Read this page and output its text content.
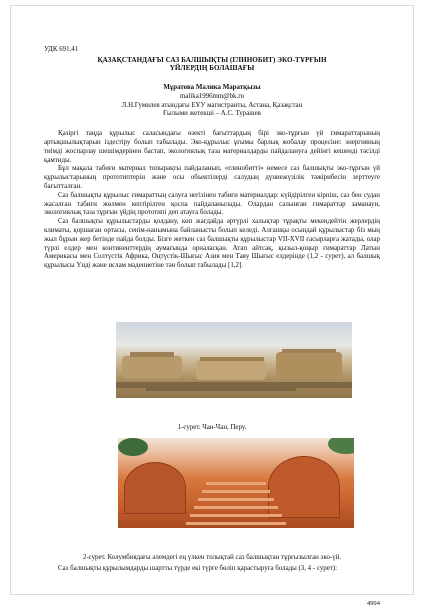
УДК 691.41

ҚАЗАҚСТАНДАҒЫ САЗ БАЛШЫҚТЫ (ГЛИНОБИТ) ЭКО-ТҰРҒЫН

ҮЙЛЕРДІҢ БОЛАШАҒЫ

Мұратова Малика Маратқызы

malika1996mm@bk.ru

Л.Н.Гумилев атындағы ЕҰУ магистранты, Астана, Қазақстан

Ғылыми жетекші – А.С. Турашев

Қазіргі таңда құрылыс саласындағы өзекті бағыттардың бірі эко-тұрғын үй ғимараттарының артықшылықтарын іздестіру болып табылады. Эко-құрылыс ұғымы барлық жобалау процесіне: энергияның тиімді жоспарлау шешімдерінен бастап, экологиялық таза материалдарды пайдалануға дейінгі кешенді тәсілді қамтиды.

Бұл мақала табиғи материал топырақты пайдаланып, «глинобитті» немесе саз балшықты эко-тұрғын үй құрылыстарының прототиптерін және осы объектілерді салудың дүниежүзілік тәжірибесін зерттеуге бағытталған.

Саз балшықты құрылыс ғимараттың салуға негізінен табиғи материалдар: күйдірілген кірпіш, саз бен судан жасалған табиғи жөлмен кептірілген қоспа пайдаланылады. Олардан салынған ғимараттар заманауи, экологиялық таза тұрғын үйдің прототипі деп атауға болады.

Саз балшықты құрылыстарды қолдану, көп жағдайда әртүрлі халықтар тұрақты мекендейтін жерлердің климаты, қоршаған ортасы, сенім-нанымына байланысты болып келеді. Алғашқы осындай құрылыстар біз мың жыл бұрын жер бетінде пайда болды. Бізге жеткен саз балшықты құрылыстар VII-XVII ғасырларға жатады, олар түрлі елдер мен континенттердің аумағында орналасқан. Атап айтсақ, қызыл-қоңыр ғимараттар Латын Америкасы мен Солтүстік Африка, Оңтүстік-Шығыс Азия мен Таяу Шығыс елдерінде (1,2 - сурет), ал балшық құрылысы Үнді және ислам мәдениетіне тән болып табылады [1,2].

1-сурет. Чан-Чан, Перу.

2-сурет. Колумбиядағы әлемдегі ең үлкен толықтай саз балшықтан тұрғызылған эко-үй.

Саз балшықты құрылымдарды шартты түрде екі түрге бөліп қарастыруға болады (3, 4 - сурет):

4994
